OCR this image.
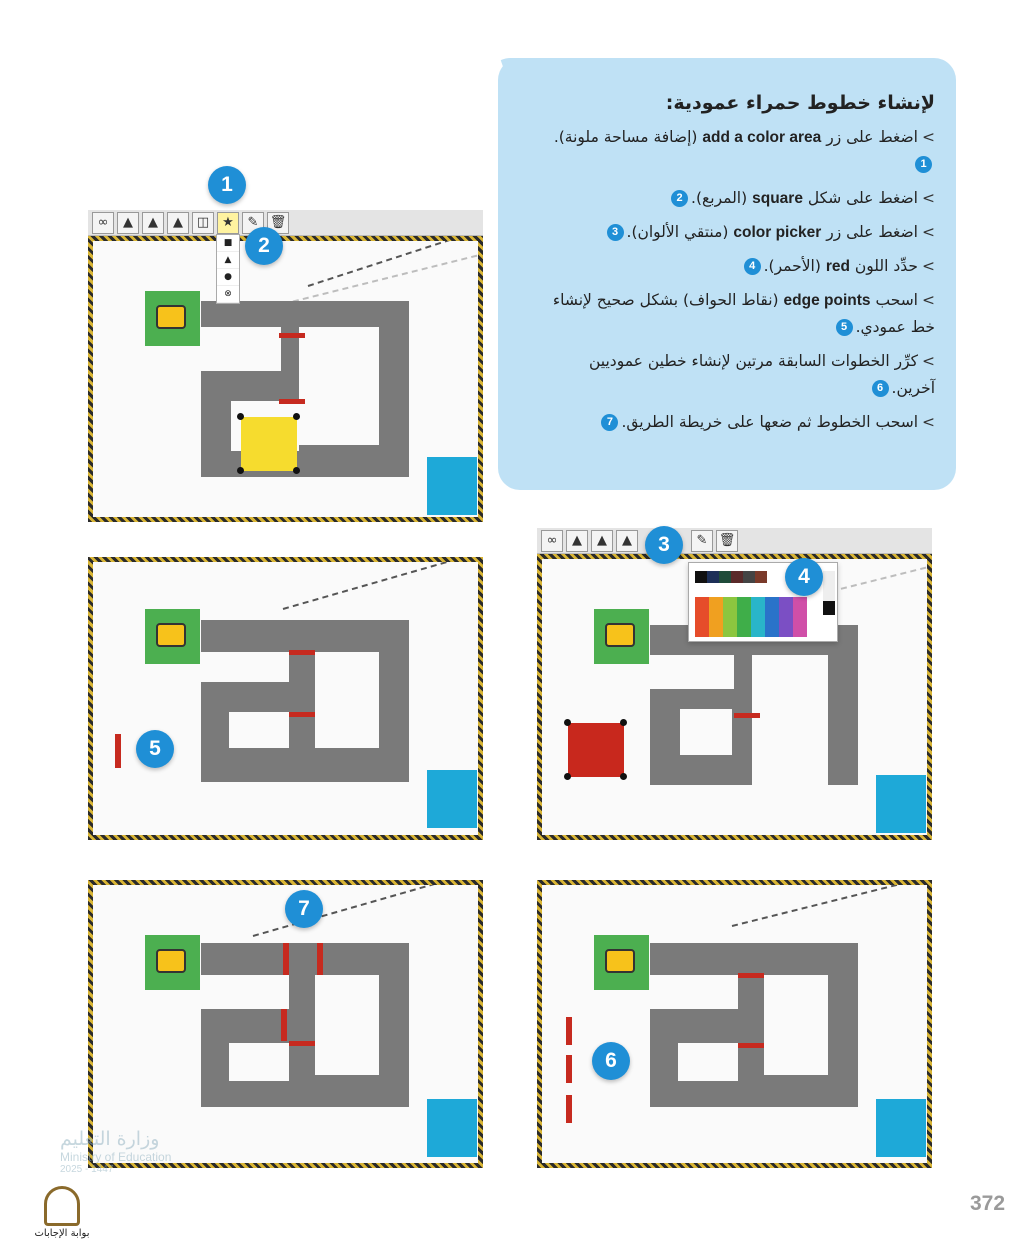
لإنشاء خطوط حمراء عمودية:
>اضغط على زر add a color area (إضافة مساحة ملونة).1
>اضغط على شكل square (المربع).2
>اضغط على زر color picker (منتقي الألوان).3
>حدِّد اللون red (الأحمر).4
>اسحب edge points (نقاط الحواف) بشكل صحيح لإنشاء خط عمودي.5
>كرِّر الخطوات السابقة مرتين لإنشاء خطين عموديين آخرين.6
>اسحب الخطوط ثم ضعها على خريطة الطريق.7
∞	▲	▲	▲	◫	★	✎ 🗑
■
▲
●
⊗
1
2
∞	▲	▲	▲	✎ 🗑
3
4
5
6
7
وزارة التعليم
Ministry of Education
2025 - 1447
بوابة الإجابات
372
